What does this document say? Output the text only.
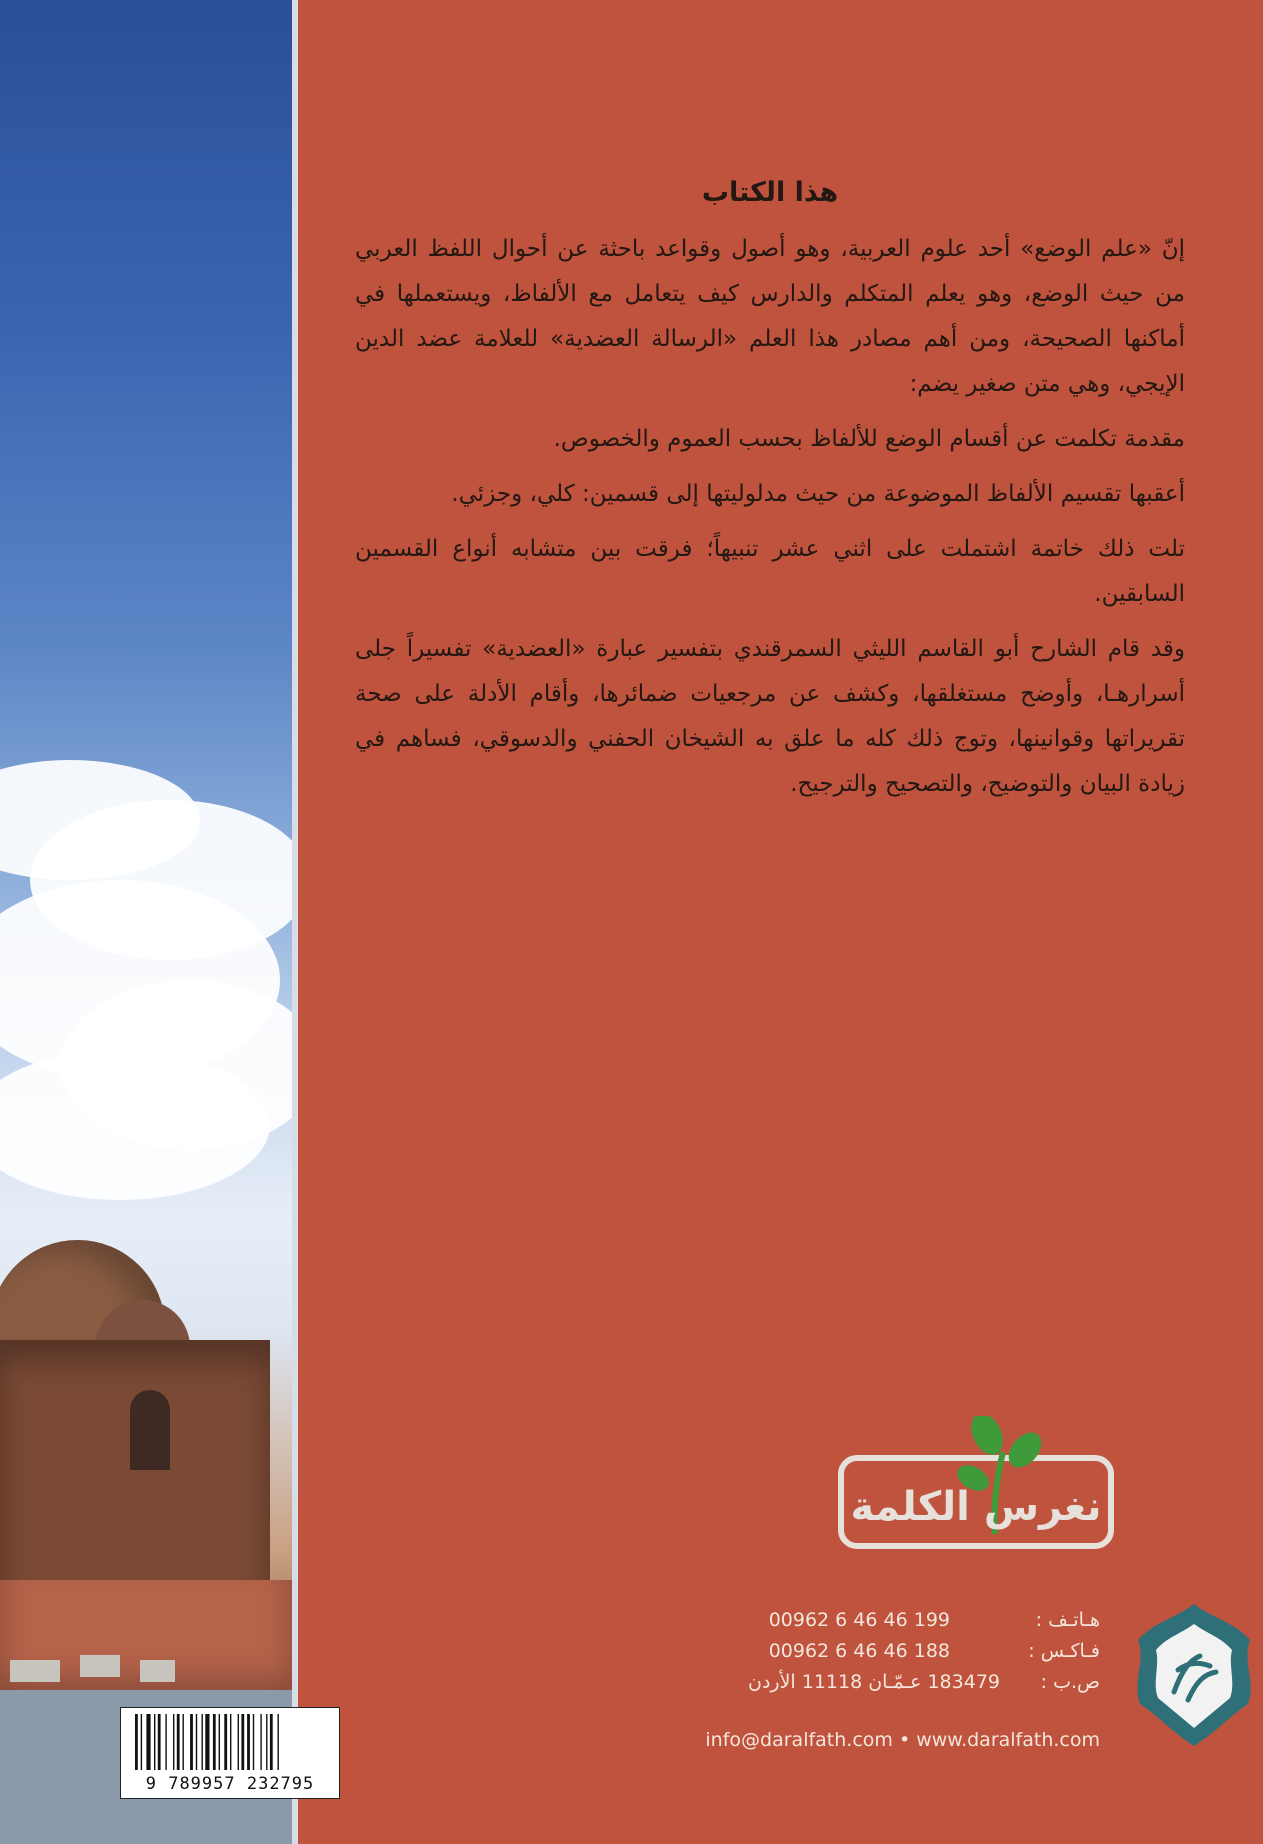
هذا الكتاب

إنّ «علم الوضع» أحد علوم العربية، وهو أصول وقواعد باحثة عن أحوال اللفظ العربي من حيث الوضع، وهو يعلم المتكلم والدارس كيف يتعامل مع الألفاظ، ويستعملها في أماكنها الصحيحة، ومن أهم مصادر هذا العلم «الرسالة العضدية» للعلامة عضد الدين الإيجي، وهي متن صغير يضم:

مقدمة تكلمت عن أقسام الوضع للألفاظ بحسب العموم والخصوص.

أعقبها تقسيم الألفاظ الموضوعة من حيث مدلوليتها إلى قسمين: كلي، وجزئي.

تلت ذلك خاتمة اشتملت على اثني عشر تنبيهاً؛ فرقت بين متشابه أنواع القسمين السابقين.

وقد قام الشارح أبو القاسم الليثي السمرقندي بتفسير عبارة «العضدية» تفسيراً جلى أسرارهـا، وأوضح مستغلقها، وكشف عن مرجعيات ضمائرها، وأقام الأدلة على صحة تقريراتها وقوانينها، وتوج ذلك كله ما علق به الشيخان الحفني والدسوقي، فساهم في زيادة البيان والتوضيح، والتصحيح والترجيح.

نغرس الكلمة
هـاتـف :00962 6 46 46 199
فـاكـس :00962 6 46 46 188
ص.ب :183479 عـمّـان 11118 الأردن
info@daralfath.com • www.daralfath.com
9 789957 232795
